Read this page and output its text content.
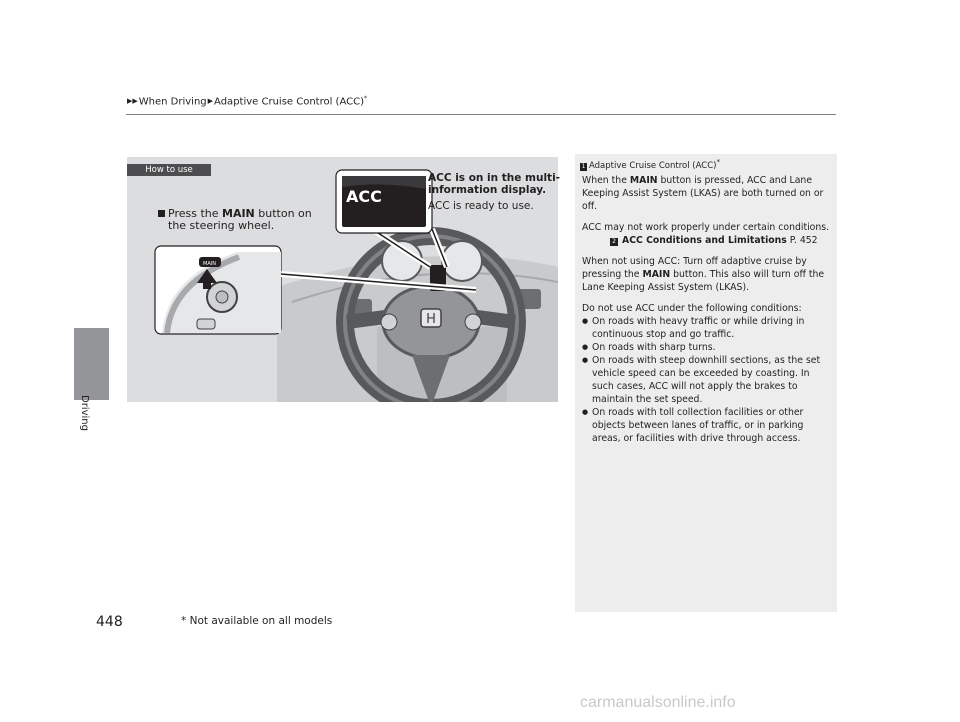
▶▶When Driving▶Adaptive Cruise Control (ACC)*
Driving
H
ACC
MAIN
How to use
Press the MAIN button on
the steering wheel.
ACC is on in the multi-
information display.
ACC is ready to use.
1 Adaptive Cruise Control (ACC)*

When the MAIN button is pressed, ACC and Lane Keeping Assist System (LKAS) are both turned on or off.

ACC may not work properly under certain conditions.
2 ACC Conditions and Limitations P. 452

When not using ACC: Turn off adaptive cruise by pressing the MAIN button. This also will turn off the Lane Keeping Assist System (LKAS).

Do not use ACC under the following conditions:

● On roads with heavy traffic or while driving in continuous stop and go traffic.
● On roads with sharp turns.
● On roads with steep downhill sections, as the set vehicle speed can be exceeded by coasting. In such cases, ACC will not apply the brakes to maintain the set speed.
● On roads with toll collection facilities or other objects between lanes of traffic, or in parking areas, or facilities with drive through access.
448	* Not available on all models
carmanualsonline.info
